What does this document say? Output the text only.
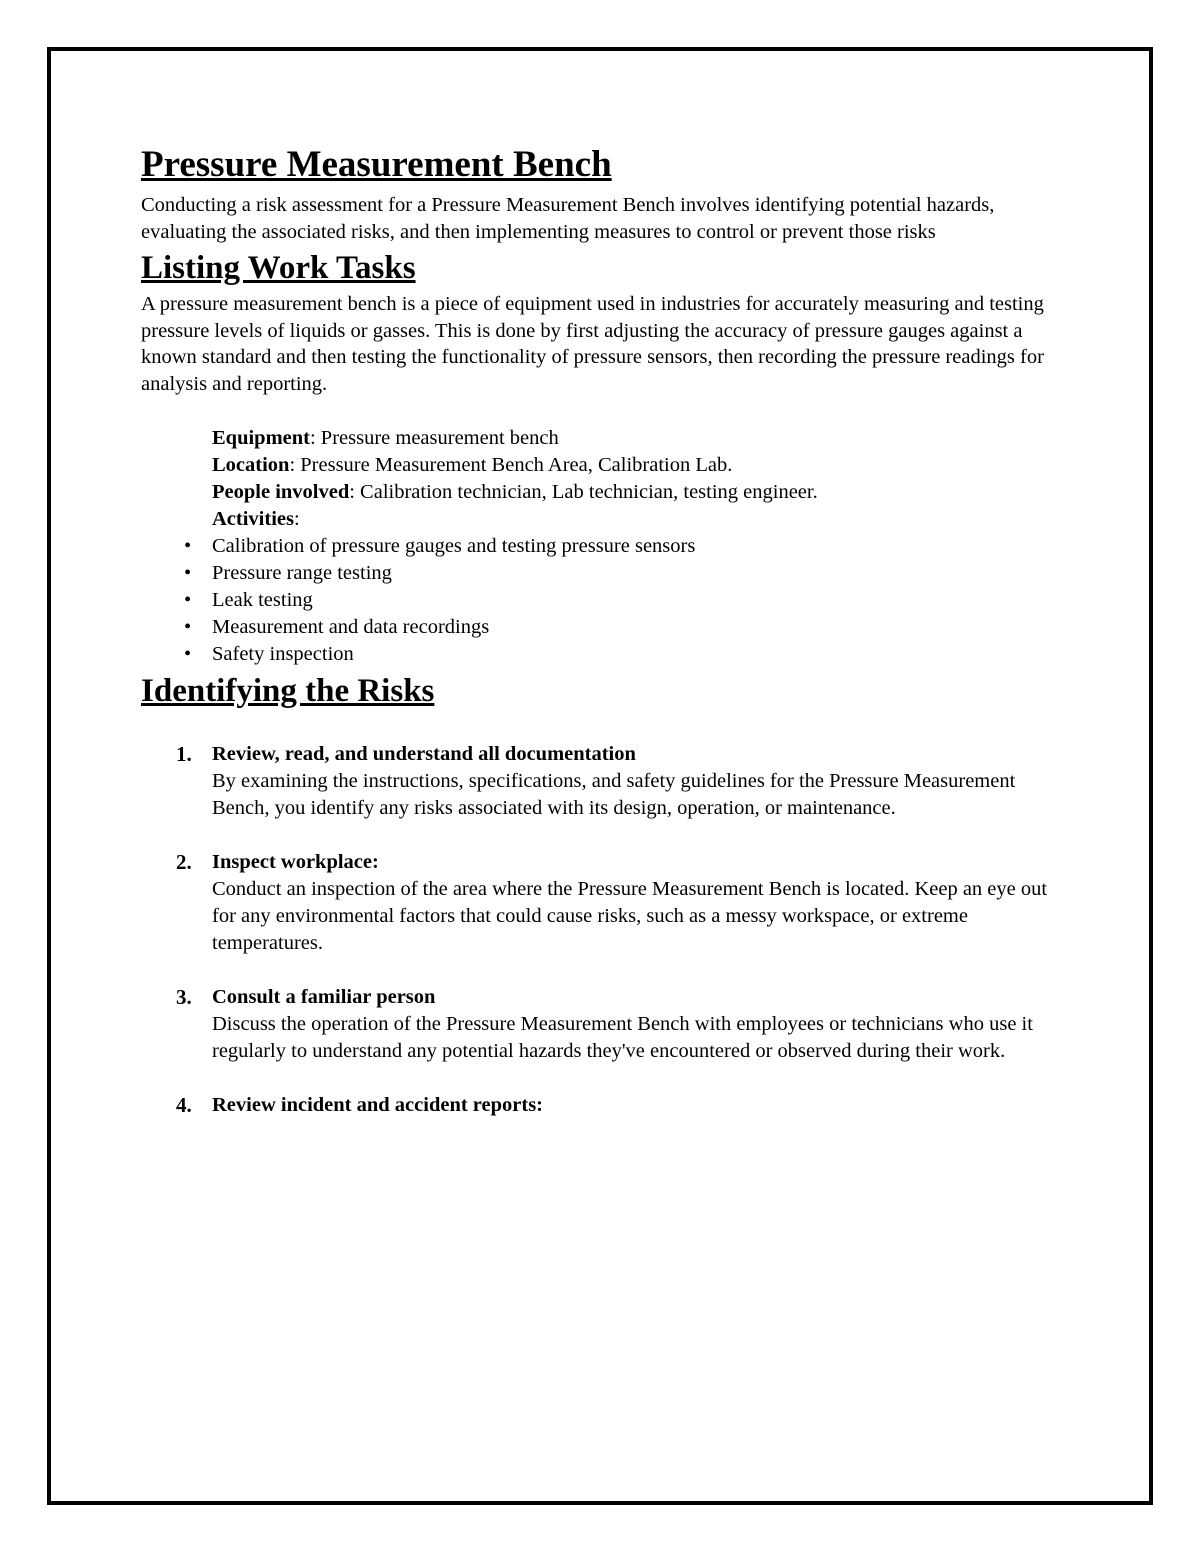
Pressure Measurement Bench

Conducting a risk assessment for a Pressure Measurement Bench involves identifying potential hazards, evaluating the associated risks, and then implementing measures to control or prevent those risks

Listing Work Tasks

A pressure measurement bench is a piece of equipment used in industries for accurately measuring and testing pressure levels of liquids or gasses. This is done by first adjusting the accuracy of pressure gauges against a known standard and then testing the functionality of pressure sensors, then recording the pressure readings for analysis and reporting.

Equipment: Pressure measurement bench
Location: Pressure Measurement Bench Area, Calibration Lab.
People involved: Calibration technician, Lab technician, testing engineer.
Activities:
• Calibration of pressure gauges and testing pressure sensors
• Pressure range testing
• Leak testing
• Measurement and data recordings
• Safety inspection
Identifying the Risks
1. Review, read, and understand all documentation
By examining the instructions, specifications, and safety guidelines for the Pressure Measurement Bench, you identify any risks associated with its design, operation, or maintenance.
2. Inspect workplace:
Conduct an inspection of the area where the Pressure Measurement Bench is located. Keep an eye out for any environmental factors that could cause risks, such as a messy workspace, or extreme temperatures.
3. Consult a familiar person
Discuss the operation of the Pressure Measurement Bench with employees or technicians who use it regularly to understand any potential hazards they've encountered or observed during their work.
4. Review incident and accident reports:
